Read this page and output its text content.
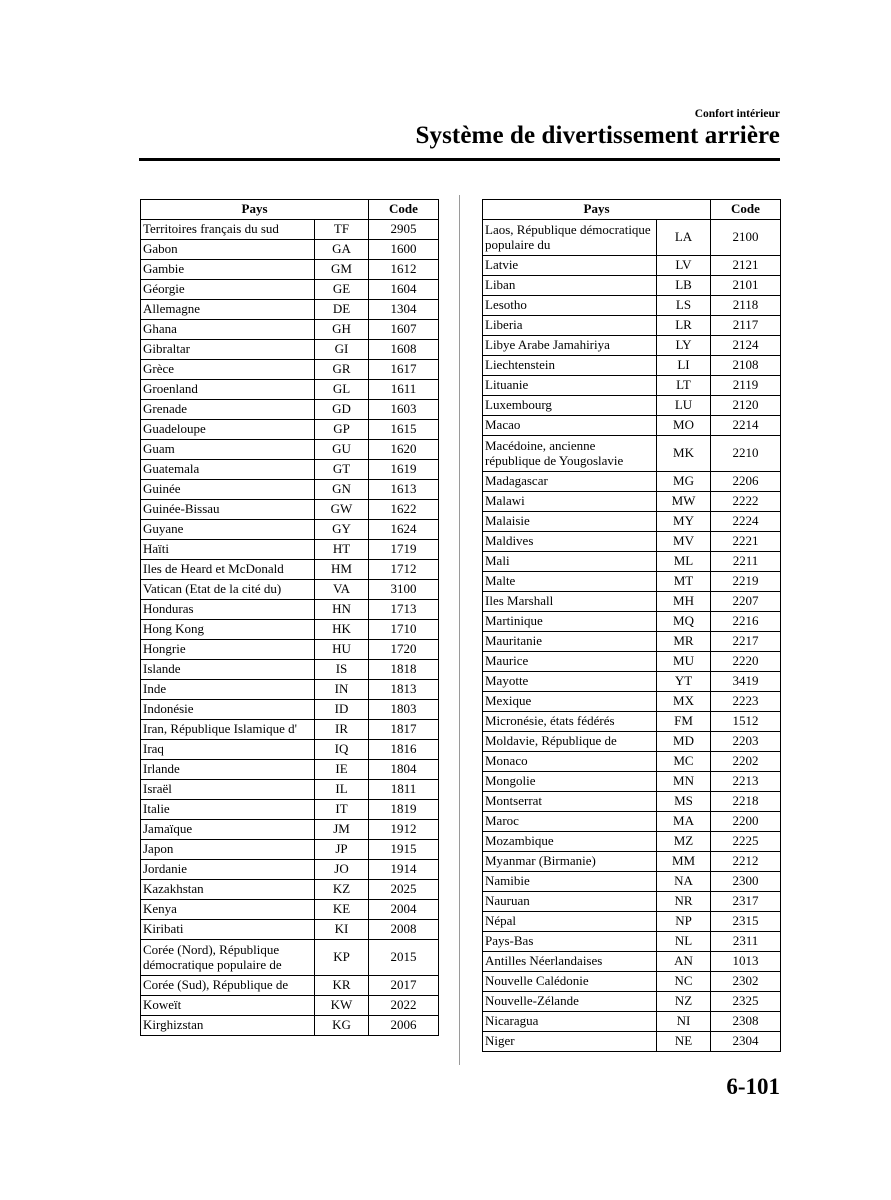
Confort intérieur
Système de divertissement arrière
Pays		Code
Territoires français du sud	TF	2905
Gabon	GA	1600
Gambie	GM	1612
Géorgie	GE	1604
Allemagne	DE	1304
Ghana	GH	1607
Gibraltar	GI	1608
Grèce	GR	1617
Groenland	GL	1611
Grenade	GD	1603
Guadeloupe	GP	1615
Guam	GU	1620
Guatemala	GT	1619
Guinée	GN	1613
Guinée-Bissau	GW	1622
Guyane	GY	1624
Haïti	HT	1719
Iles de Heard et McDonald	HM	1712
Vatican (Etat de la cité du)	VA	3100
Honduras	HN	1713
Hong Kong	HK	1710
Hongrie	HU	1720
Islande	IS	1818
Inde	IN	1813
Indonésie	ID	1803
Iran, République Islamique d'	IR	1817
Iraq	IQ	1816
Irlande	IE	1804
Israël	IL	1811
Italie	IT	1819
Jamaïque	JM	1912
Japon	JP	1915
Jordanie	JO	1914
Kazakhstan	KZ	2025
Kenya	KE	2004
Kiribati	KI	2008
Corée (Nord), République démocratique populaire de	KP	2015
Corée (Sud), République de	KR	2017
Koweït	KW	2022
Kirghizstan	KG	2006
Pays		Code
Laos, République démocratique populaire du	LA	2100
Latvie	LV	2121
Liban	LB	2101
Lesotho	LS	2118
Liberia	LR	2117
Libye Arabe Jamahiriya	LY	2124
Liechtenstein	LI	2108
Lituanie	LT	2119
Luxembourg	LU	2120
Macao	MO	2214
Macédoine, ancienne république de Yougoslavie	MK	2210
Madagascar	MG	2206
Malawi	MW	2222
Malaisie	MY	2224
Maldives	MV	2221
Mali	ML	2211
Malte	MT	2219
Iles Marshall	MH	2207
Martinique	MQ	2216
Mauritanie	MR	2217
Maurice	MU	2220
Mayotte	YT	3419
Mexique	MX	2223
Micronésie, états fédérés	FM	1512
Moldavie, République de	MD	2203
Monaco	MC	2202
Mongolie	MN	2213
Montserrat	MS	2218
Maroc	MA	2200
Mozambique	MZ	2225
Myanmar (Birmanie)	MM	2212
Namibie	NA	2300
Nauruan	NR	2317
Népal	NP	2315
Pays-Bas	NL	2311
Antilles Néerlandaises	AN	1013
Nouvelle Calédonie	NC	2302
Nouvelle-Zélande	NZ	2325
Nicaragua	NI	2308
Niger	NE	2304
6-101
